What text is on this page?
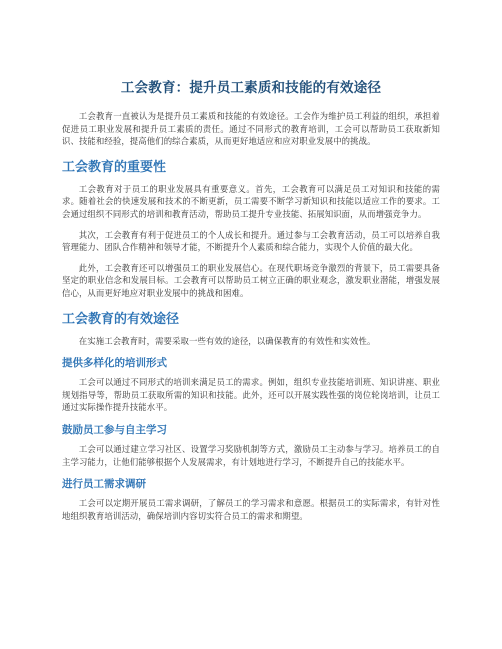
工会教育：提升员工素质和技能的有效途径

工会教育一直被认为是提升员工素质和技能的有效途径。工会作为维护员工利益的组织，承担着促进员工职业发展和提升员工素质的责任。通过不同形式的教育培训，工会可以帮助员工获取新知识、技能和经验，提高他们的综合素质，从而更好地适应和应对职业发展中的挑战。

工会教育的重要性

工会教育对于员工的职业发展具有重要意义。首先，工会教育可以满足员工对知识和技能的需求。随着社会的快速发展和技术的不断更新，员工需要不断学习新知识和技能以适应工作的要求。工会通过组织不同形式的培训和教育活动，帮助员工提升专业技能、拓展知识面，从而增强竞争力。

其次，工会教育有利于促进员工的个人成长和提升。通过参与工会教育活动，员工可以培养自我管理能力、团队合作精神和领导才能，不断提升个人素质和综合能力，实现个人价值的最大化。

此外，工会教育还可以增强员工的职业发展信心。在现代职场竞争激烈的背景下，员工需要具备坚定的职业信念和发展目标。工会教育可以帮助员工树立正确的职业观念，激发职业潜能，增强发展信心，从而更好地应对职业发展中的挑战和困难。

工会教育的有效途径

在实施工会教育时，需要采取一些有效的途径，以确保教育的有效性和实效性。

提供多样化的培训形式

工会可以通过不同形式的培训来满足员工的需求。例如，组织专业技能培训班、知识讲座、职业规划指导等，帮助员工获取所需的知识和技能。此外，还可以开展实践性强的岗位轮岗培训，让员工通过实际操作提升技能水平。

鼓励员工参与自主学习

工会可以通过建立学习社区、设置学习奖励机制等方式，激励员工主动参与学习。培养员工的自主学习能力，让他们能够根据个人发展需求，有计划地进行学习，不断提升自己的技能水平。

进行员工需求调研

工会可以定期开展员工需求调研，了解员工的学习需求和意愿。根据员工的实际需求，有针对性地组织教育培训活动，确保培训内容切实符合员工的需求和期望。
